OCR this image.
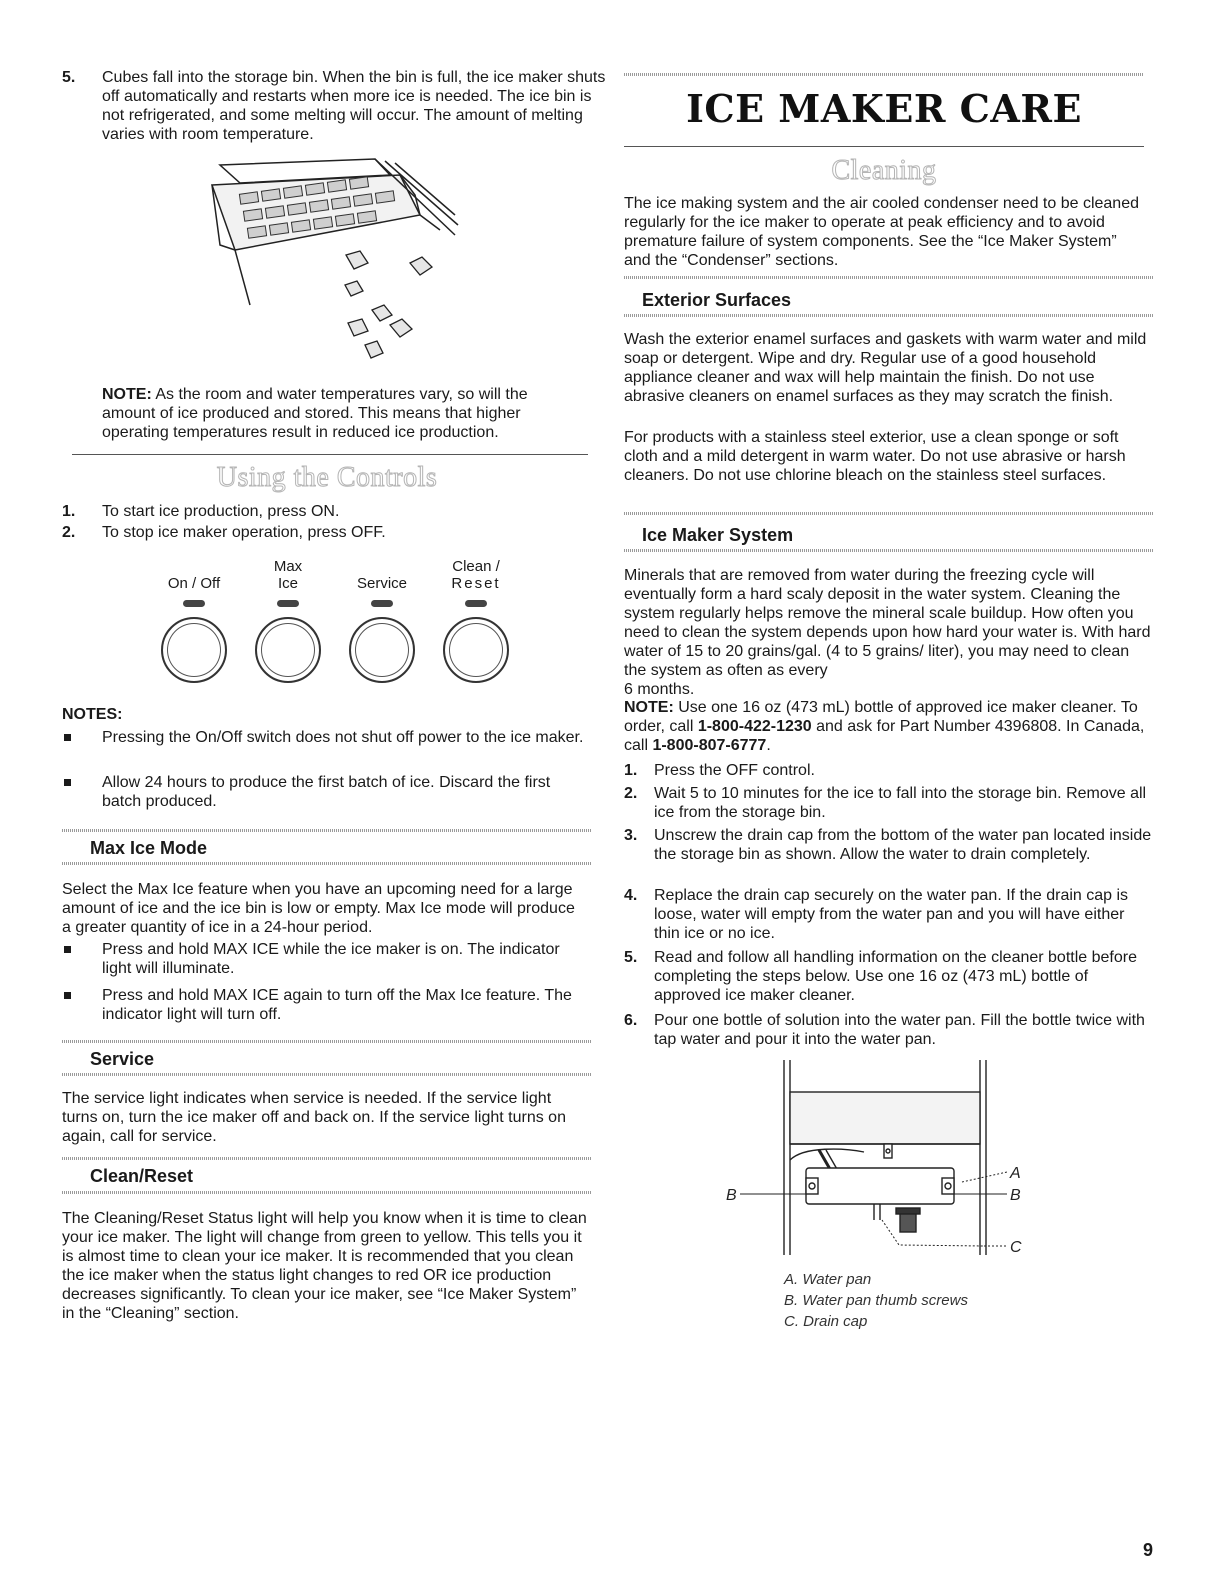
5.	Cubes fall into the storage bin. When the bin is full, the ice maker shuts off automatically and restarts when more ice is needed. The ice bin is not refrigerated, and some melting will occur. The amount of melting varies with room temperature.

NOTE: As the room and water temperatures vary, so will the amount of ice produced and stored. This means that higher operating temperatures result in reduced ice production.

Using the Controls
1.	To start ice production, press ON.
2.	To stop ice maker operation, press OFF.
On / Off
Max
Ice	Service
Clean /
Reset
NOTES:
Pressing the On/Off switch does not shut off power to the ice maker.
Allow 24 hours to produce the first batch of ice. Discard the first batch produced.
Max Ice Mode

Select the Max Ice feature when you have an upcoming need for a large amount of ice and the ice bin is low or empty. Max Ice mode will produce a greater quantity of ice in a 24-hour period.

Press and hold MAX ICE while the ice maker is on. The indicator light will illuminate.
Press and hold MAX ICE again to turn off the Max Ice feature. The indicator light will turn off.
Service

The service light indicates when service is needed. If the service light turns on, turn the ice maker off and back on. If the service light turns on again, call for service.

Clean/Reset

The Cleaning/Reset Status light will help you know when it is time to clean your ice maker. The light will change from green to yellow. This tells you it is almost time to clean your ice maker. It is recommended that you clean the ice maker when the status light changes to red OR ice production decreases significantly. To clean your ice maker, see “Ice Maker System” in the “Cleaning” section.

ICE MAKER CARE
Cleaning

The ice making system and the air cooled condenser need to be cleaned regularly for the ice maker to operate at peak efficiency and to avoid premature failure of system components. See the “Ice Maker System” and the “Condenser” sections.

Exterior Surfaces

Wash the exterior enamel surfaces and gaskets with warm water and mild soap or detergent. Wipe and dry. Regular use of a good household appliance cleaner and wax will help maintain the finish. Do not use abrasive cleaners on enamel surfaces as they may scratch the finish.

For products with a stainless steel exterior, use a clean sponge or soft cloth and a mild detergent in warm water. Do not use abrasive or harsh cleaners. Do not use chlorine bleach on the stainless steel surfaces.

Ice Maker System

Minerals that are removed from water during the freezing cycle will eventually form a hard scaly deposit in the water system. Cleaning the system regularly helps remove the mineral scale buildup. How often you need to clean the system depends upon how hard your water is. With hard water of 15 to 20 grains/gal. (4 to 5 grains/ liter), you may need to clean the system as often as every
6 months.

NOTE: Use one 16 oz (473 mL) bottle of approved ice maker cleaner. To order, call 1-800-422-1230 and ask for Part Number 4396808. In Canada, call 1-800-807-6777.

1.	Press the OFF control.
2.	Wait 5 to 10 minutes for the ice to fall into the storage bin. Remove all ice from the storage bin.
3.	Unscrew the drain cap from the bottom of the water pan located inside the storage bin as shown. Allow the water to drain completely.
4.	Replace the drain cap securely on the water pan. If the drain cap is loose, water will empty from the water pan and you will have either thin ice or no ice.
5.	Read and follow all handling information on the cleaner bottle before completing the steps below. Use one 16 oz (473 mL) bottle of approved ice maker cleaner.
6.	Pour one bottle of solution into the water pan. Fill the bottle twice with tap water and pour it into the water pan.
A
B	B
C
A. Water pan
B. Water pan thumb screws
C. Drain cap
9
